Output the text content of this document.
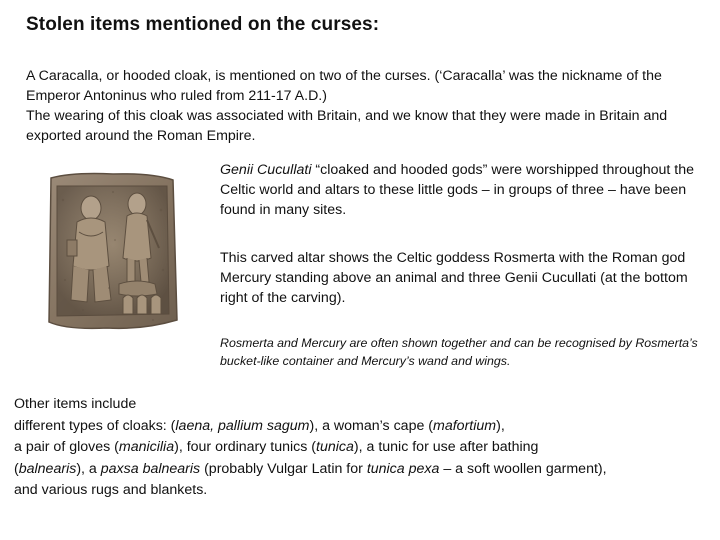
Stolen items mentioned on the curses:

A Caracalla, or hooded cloak, is mentioned on two of the curses. (‘Caracalla’ was the nickname of the Emperor Antoninus who ruled from 211-17 A.D.)

The wearing of this cloak was associated with Britain, and we know that they were made in Britain and exported around the Roman Empire.

Genii Cucullati “cloaked and hooded gods” were worshipped throughout the Celtic world and altars to these little gods – in groups of three – have been found in many sites.

This carved altar shows the Celtic goddess Rosmerta with the Roman god Mercury standing above an animal and three Genii Cucullati (at the bottom right of the carving).

Rosmerta and Mercury are often shown together and can be recognised by Rosmerta’s bucket-like container and Mercury’s wand and wings.

Other items include

different types of cloaks: (laena, pallium sagum), a woman’s cape (mafortium),
a pair of gloves (manicilia), four ordinary tunics (tunica), a tunic for use after bathing
(balnearis), a paxsa balnearis (probably Vulgar Latin for tunica pexa – a soft woollen garment),
and various rugs and blankets.
